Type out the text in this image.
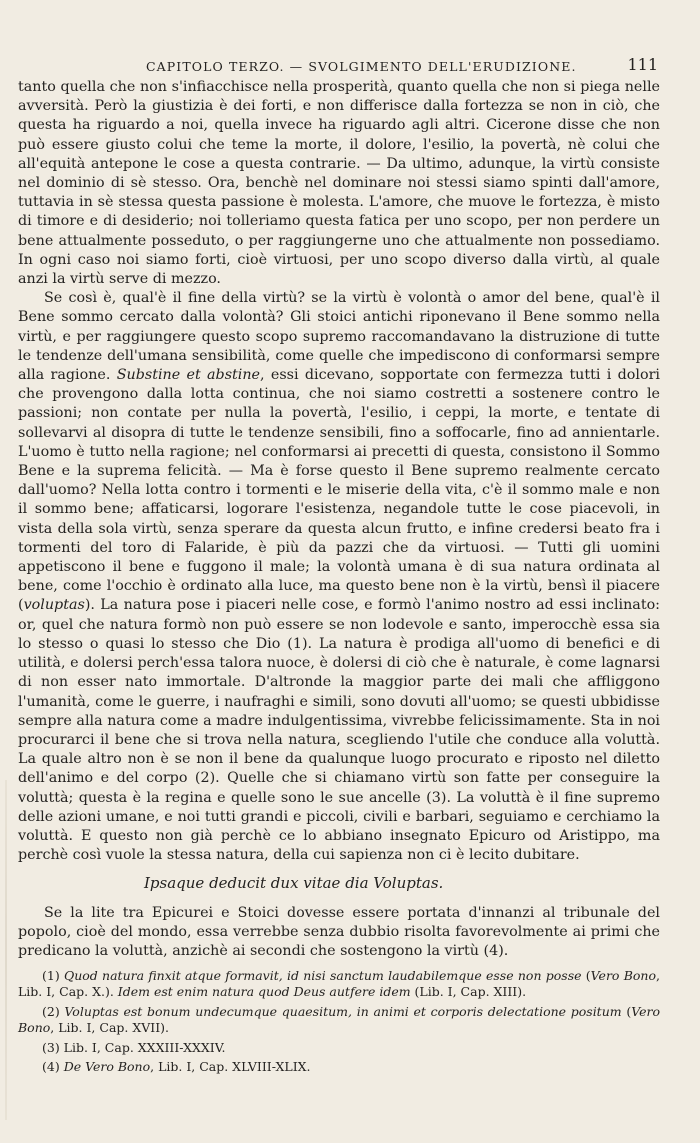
CAPITOLO TERZO. — SVOLGIMENTO DELL'ERUDIZIONE.	111

tanto quella che non s'infiacchisce nella prosperità, quanto quella che non si piega nelle avversità. Però la giustizia è dei forti, e non differisce dalla fortezza se non in ciò, che questa ha riguardo a noi, quella invece ha riguardo agli altri. Cicerone disse che non può essere giusto colui che teme la morte, il dolore, l'esilio, la povertà, nè colui che all'equità antepone le cose a questa contrarie. — Da ultimo, adunque, la virtù consiste nel dominio di sè stesso. Ora, benchè nel dominare noi stessi siamo spinti dall'amore, tuttavia in sè stessa questa passione è molesta. L'amore, che muove le fortezza, è misto di timore e di desiderio; noi tolleriamo questa fatica per uno scopo, per non perdere un bene attualmente posseduto, o per raggiungerne uno che attualmente non possediamo. In ogni caso noi siamo forti, cioè virtuosi, per uno scopo diverso dalla virtù, al quale anzi la virtù serve di mezzo.

Se così è, qual'è il fine della virtù? se la virtù è volontà o amor del bene, qual'è il Bene sommo cercato dalla volontà? Gli stoici antichi riponevano il Bene sommo nella virtù, e per raggiungere questo scopo supremo raccomandavano la distruzione di tutte le tendenze dell'umana sensibilità, come quelle che impediscono di conformarsi sempre alla ragione. Substine et abstine, essi dicevano, sopportate con fermezza tutti i dolori che provengono dalla lotta continua, che noi siamo costretti a sostenere contro le passioni; non contate per nulla la povertà, l'esilio, i ceppi, la morte, e tentate di sollevarvi al disopra di tutte le tendenze sensibili, fino a soffocarle, fino ad annientarle. L'uomo è tutto nella ragione; nel conformarsi ai precetti di questa, consistono il Sommo Bene e la suprema felicità. — Ma è forse questo il Bene supremo realmente cercato dall'uomo? Nella lotta contro i tormenti e le miserie della vita, c'è il sommo male e non il sommo bene; affaticarsi, logorare l'esistenza, negandole tutte le cose piacevoli, in vista della sola virtù, senza sperare da questa alcun frutto, e infine credersi beato fra i tormenti del toro di Falaride, è più da pazzi che da virtuosi. — Tutti gli uomini appetiscono il bene e fuggono il male; la volontà umana è di sua natura ordinata al bene, come l'occhio è ordinato alla luce, ma questo bene non è la virtù, bensì il piacere (voluptas). La natura pose i piaceri nelle cose, e formò l'animo nostro ad essi inclinato: or, quel che natura formò non può essere se non lodevole e santo, imperocchè essa sia lo stesso o quasi lo stesso che Dio (1). La natura è prodiga all'uomo di benefici e di utilità, e dolersi perch'essa talora nuoce, è dolersi di ciò che è naturale, è come lagnarsi di non esser nato immortale. D'altronde la maggior parte dei mali che affliggono l'umanità, come le guerre, i naufraghi e simili, sono dovuti all'uomo; se questi ubbidisse sempre alla natura come a madre indulgentissima, vivrebbe felicissimamente. Sta in noi procurarci il bene che si trova nella natura, scegliendo l'utile che conduce alla voluttà. La quale altro non è se non il bene da qualunque luogo procurato e riposto nel diletto dell'animo e del corpo (2). Quelle che si chiamano virtù son fatte per conseguire la voluttà; questa è la regina e quelle sono le sue ancelle (3). La voluttà è il fine supremo delle azioni umane, e noi tutti grandi e piccoli, civili e barbari, seguiamo e cerchiamo la voluttà. E questo non già perchè ce lo abbiano insegnato Epicuro od Aristippo, ma perchè così vuole la stessa natura, della cui sapienza non ci è lecito dubitare.

Ipsaque deducit dux vitae dia Voluptas.

Se la lite tra Epicurei e Stoici dovesse essere portata d'innanzi al tribunale del popolo, cioè del mondo, essa verrebbe senza dubbio risolta favorevolmente ai primi che predicano la voluttà, anzichè ai secondi che sostengono la virtù (4).

(1) Quod natura finxit atque formavit, id nisi sanctum laudabilemque esse non posse (Vero Bono, Lib. I, Cap. X.). Idem est enim natura quod Deus autfere idem (Lib. I, Cap. XIII).

(2) Voluptas est bonum undecumque quaesitum, in animi et corporis delectatione positum (Vero Bono, Lib. I, Cap. XVII).

(3) Lib. I, Cap. XXXIII-XXXIV.

(4) De Vero Bono, Lib. I, Cap. XLVIII-XLIX.
